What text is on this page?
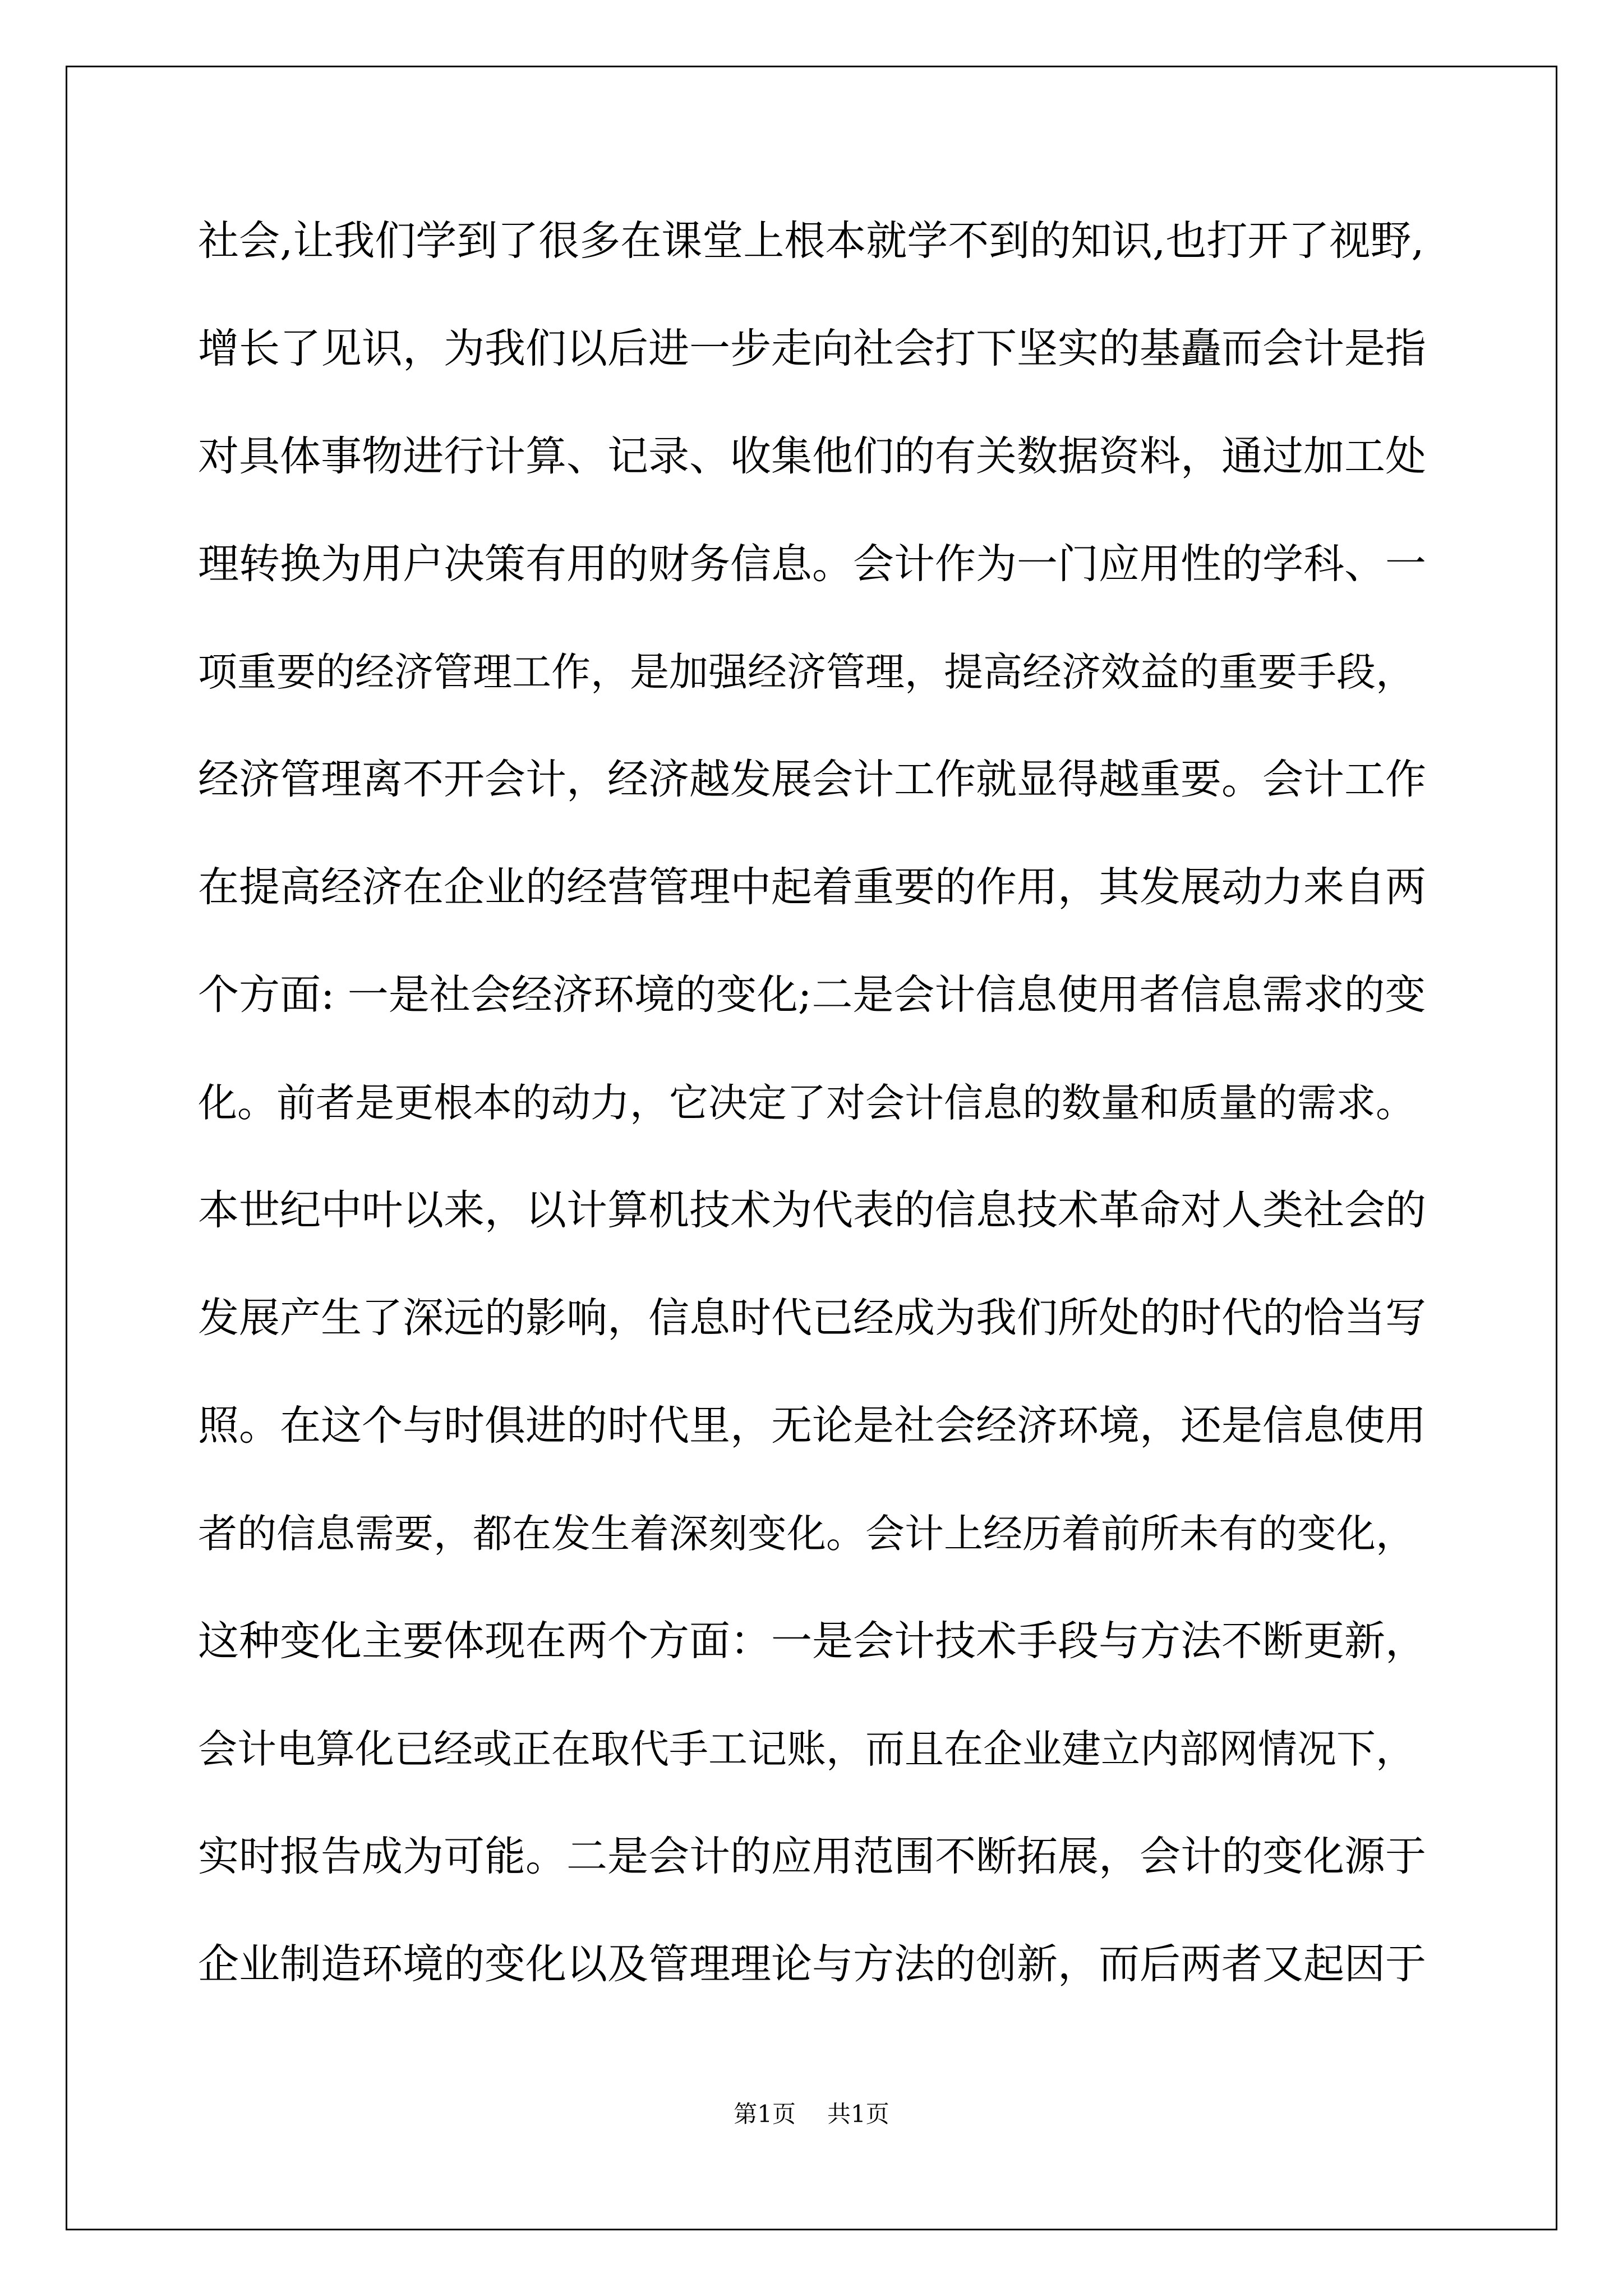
社会,让我们学到了很多在课堂上根本就学不到的知识,也打开了视野,
增长了见识，为我们以后进一步走向社会打下坚实的基矗而会计是指
对具体事物进行计算、记录、收集他们的有关数据资料，通过加工处
理转换为用户决策有用的财务信息。会计作为一门应用性的学科、一
项重要的经济管理工作，是加强经济管理，提高经济效益的重要手段，
经济管理离不开会计，经济越发展会计工作就显得越重要。会计工作
在提高经济在企业的经营管理中起着重要的作用，其发展动力来自两
个方面: 一是社会经济环境的变化;二是会计信息使用者信息需求的变
化。前者是更根本的动力，它决定了对会计信息的数量和质量的需求。
本世纪中叶以来，以计算机技术为代表的信息技术革命对人类社会的
发展产生了深远的影响，信息时代已经成为我们所处的时代的恰当写
照。在这个与时俱进的时代里，无论是社会经济环境，还是信息使用
者的信息需要，都在发生着深刻变化。会计上经历着前所未有的变化，
这种变化主要体现在两个方面：一是会计技术手段与方法不断更新，
会计电算化已经或正在取代手工记账，而且在企业建立内部网情况下，
实时报告成为可能。二是会计的应用范围不断拓展，会计的变化源于
企业制造环境的变化以及管理理论与方法的创新，而后两者又起因于
第1页 共1页
